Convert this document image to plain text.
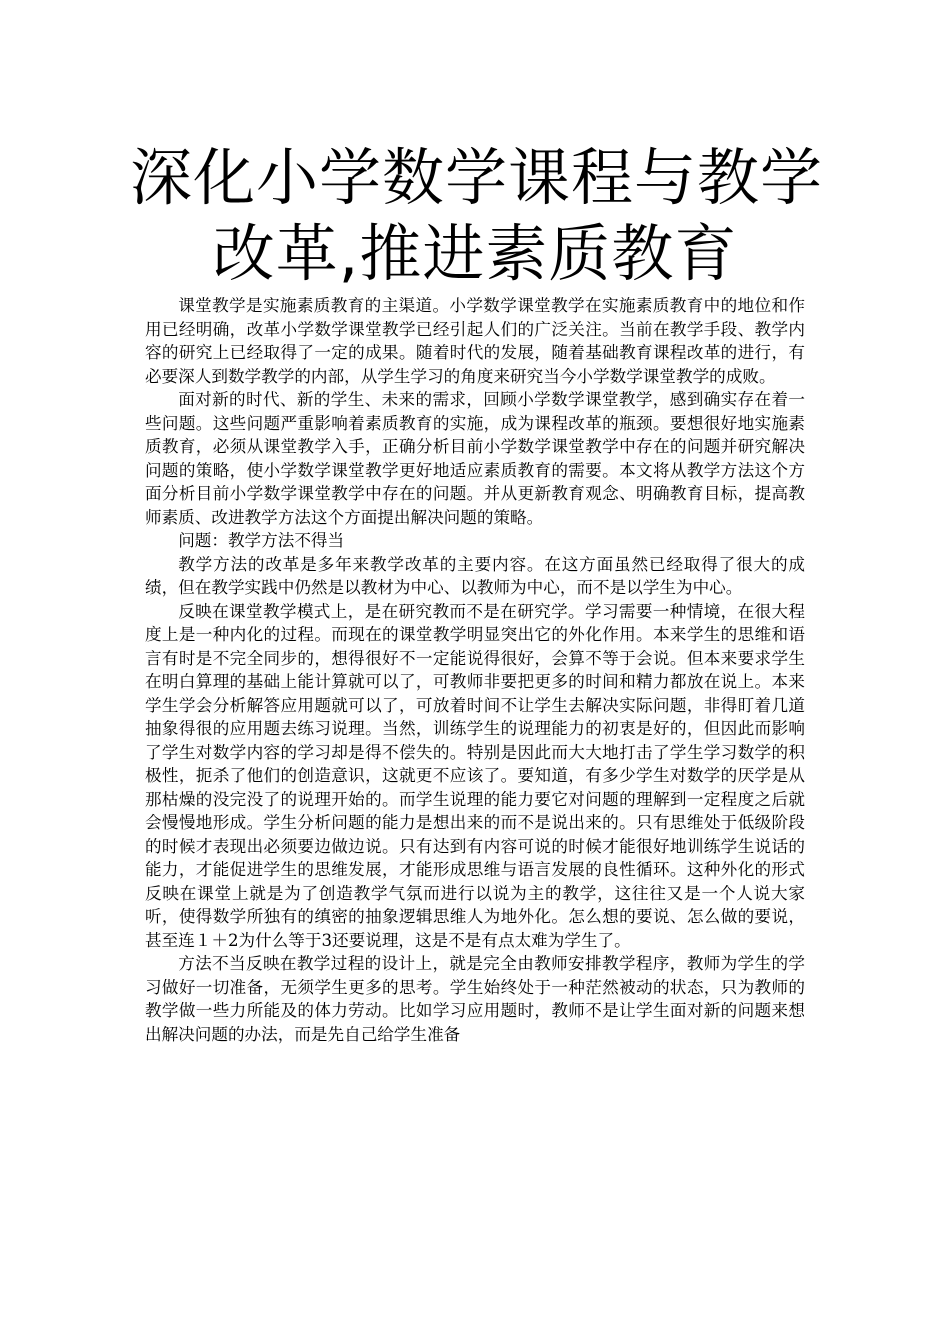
深化小学数学课程与教学
改革,推进素质教育

课堂教学是实施素质教育的主渠道。小学数学课堂教学在实施素质教育中的地位和作用已经明确，改革小学数学课堂教学已经引起人们的广泛关注。当前在教学手段、教学内容的研究上已经取得了一定的成果。随着时代的发展，随着基础教育课程改革的进行，有必要深人到数学教学的内部，从学生学习的角度来研究当今小学数学课堂教学的成败。

面对新的时代、新的学生、未来的需求，回顾小学数学课堂教学，感到确实存在着一些问题。这些问题严重影响着素质教育的实施，成为课程改革的瓶颈。要想很好地实施素质教育，必须从课堂教学入手，正确分析目前小学数学课堂教学中存在的问题并研究解决问题的策略，使小学数学课堂教学更好地适应素质教育的需要。本文将从教学方法这个方面分析目前小学数学课堂教学中存在的问题。并从更新教育观念、明确教育目标，提高教师素质、改进教学方法这个方面提出解决问题的策略。

问题：教学方法不得当

教学方法的改革是多年来教学改革的主要内容。在这方面虽然已经取得了很大的成绩，但在教学实践中仍然是以教材为中心、以教师为中心，而不是以学生为中心。

反映在课堂教学模式上，是在研究教而不是在研究学。学习需要一种情境，在很大程度上是一种内化的过程。而现在的课堂教学明显突出它的外化作用。本来学生的思维和语言有时是不完全同步的，想得很好不一定能说得很好，会算不等于会说。但本来要求学生在明白算理的基础上能计算就可以了，可教师非要把更多的时间和精力都放在说上。本来学生学会分析解答应用题就可以了，可放着时间不让学生去解决实际问题，非得盯着几道抽象得很的应用题去练习说理。当然，训练学生的说理能力的初衷是好的，但因此而影响了学生对数学内容的学习却是得不偿失的。特别是因此而大大地打击了学生学习数学的积极性，扼杀了他们的创造意识，这就更不应该了。要知道，有多少学生对数学的厌学是从那枯燥的没完没了的说理开始的。而学生说理的能力要它对问题的理解到一定程度之后就会慢慢地形成。学生分析问题的能力是想出来的而不是说出来的。只有思维处于低级阶段的时候才表现出必须要边做边说。只有达到有内容可说的时候才能很好地训练学生说话的能力，才能促进学生的思维发展，才能形成思维与语言发展的良性循环。这种外化的形式反映在课堂上就是为了创造教学气氛而进行以说为主的教学，这往往又是一个人说大家听，使得数学所独有的缜密的抽象逻辑思维人为地外化。怎么想的要说、怎么做的要说，甚至连１＋2为什么等于3还要说理，这是不是有点太难为学生了。

方法不当反映在教学过程的设计上，就是完全由教师安排教学程序，教师为学生的学习做好一切准备，无须学生更多的思考。学生始终处于一种茫然被动的状态，只为教师的教学做一些力所能及的体力劳动。比如学习应用题时，教师不是让学生面对新的问题来想出解决问题的办法，而是先自己给学生准备
